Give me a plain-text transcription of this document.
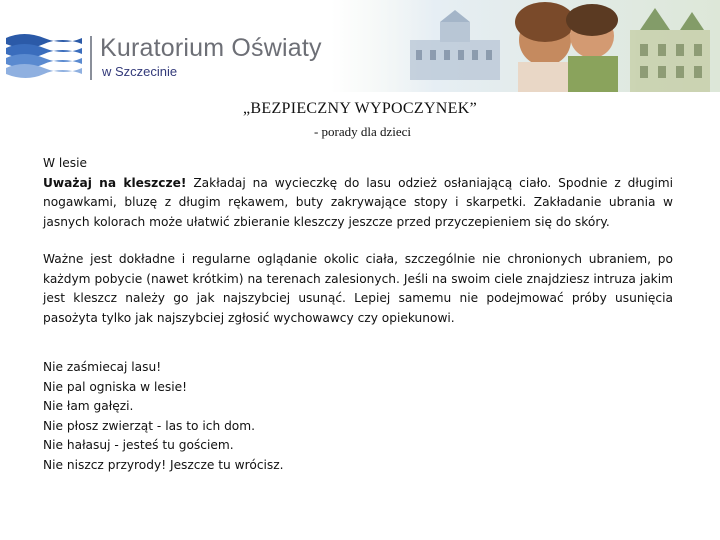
Kuratorium Oświaty
w Szczecinie
„BEZPIECZNY WYPOCZYNEK”
- porady dla dzieci

W lesie

Uważaj na kleszcze! Zakładaj na wycieczkę do lasu odzież osłaniającą ciało. Spodnie z długimi nogawkami, bluzę z długim rękawem, buty zakrywające stopy i skarpetki. Zakładanie ubrania w jasnych kolorach może ułatwić zbieranie kleszczy jeszcze przed przyczepieniem się do skóry.

Ważne jest dokładne i regularne oglądanie okolic ciała, szczególnie nie chronionych ubraniem, po każdym pobycie (nawet krótkim) na terenach zalesionych. Jeśli na swoim ciele znajdziesz intruza jakim jest kleszcz należy go jak najszybciej usunąć. Lepiej samemu nie podejmować próby usunięcia pasożyta tylko jak najszybciej zgłosić wychowawcy czy opiekunowi.

Nie zaśmiecaj lasu!
Nie pal ogniska w lesie!
Nie łam gałęzi.
Nie płosz zwierząt - las to ich dom.
Nie hałasuj - jesteś tu gościem.
Nie niszcz przyrody! Jeszcze tu wrócisz.
